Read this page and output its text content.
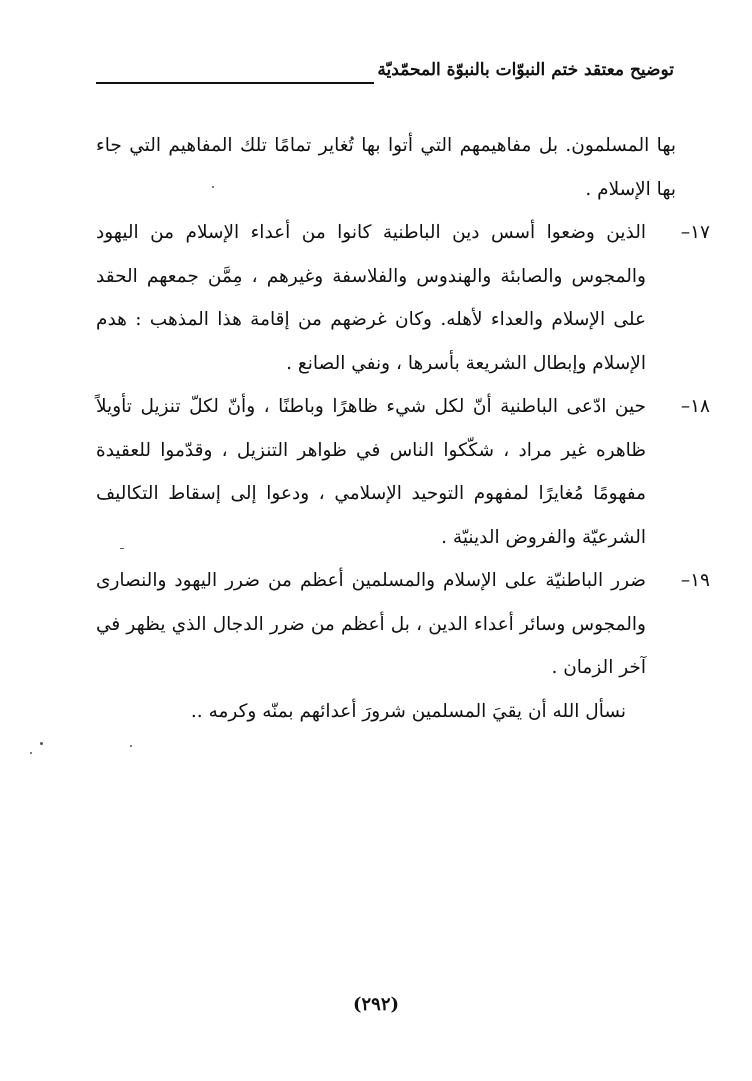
توضيح معتقد ختم النبوّات بالنبوّة المحمّديّة

بها المسلمون. بل مفاهيمهم التي أتوا بها تُغاير تمامًا تلك المفاهيم التي جاء بها الإسلام .

١٧–
الذين وضعوا أسس دين الباطنية كانوا من أعداء الإسلام من اليهود والمجوس والصابئة والهندوس والفلاسفة وغيرهم ، مِمَّن جمعهم الحقد على الإسلام والعداء لأهله. وكان غرضهم من إقامة هذا المذهب : هدم الإسلام وإبطال الشريعة بأسرها ، ونفي الصانع .

١٨–
حين ادّعى الباطنية أنّ لكل شيء ظاهرًا وباطنًا ، وأنّ لكلّ تنزيل تأويلاً ظاهره غير مراد ، شكّكوا الناس في ظواهر التنزيل ، وقدّموا للعقيدة مفهومًا مُغايرًا لمفهوم التوحيد الإسلامي ، ودعوا إلى إسقاط التكاليف الشرعيّة والفروض الدينيّة .

١٩–
ضرر الباطنيّة على الإسلام والمسلمين أعظم من ضرر اليهود والنصارى والمجوس وسائر أعداء الدين ، بل أعظم من ضرر الدجال الذي يظهر في آخر الزمان .

نسأل الله أن يقيَ المسلمين شرورَ أعدائهم بمنّه وكرمه ..

(٢٩٢)
